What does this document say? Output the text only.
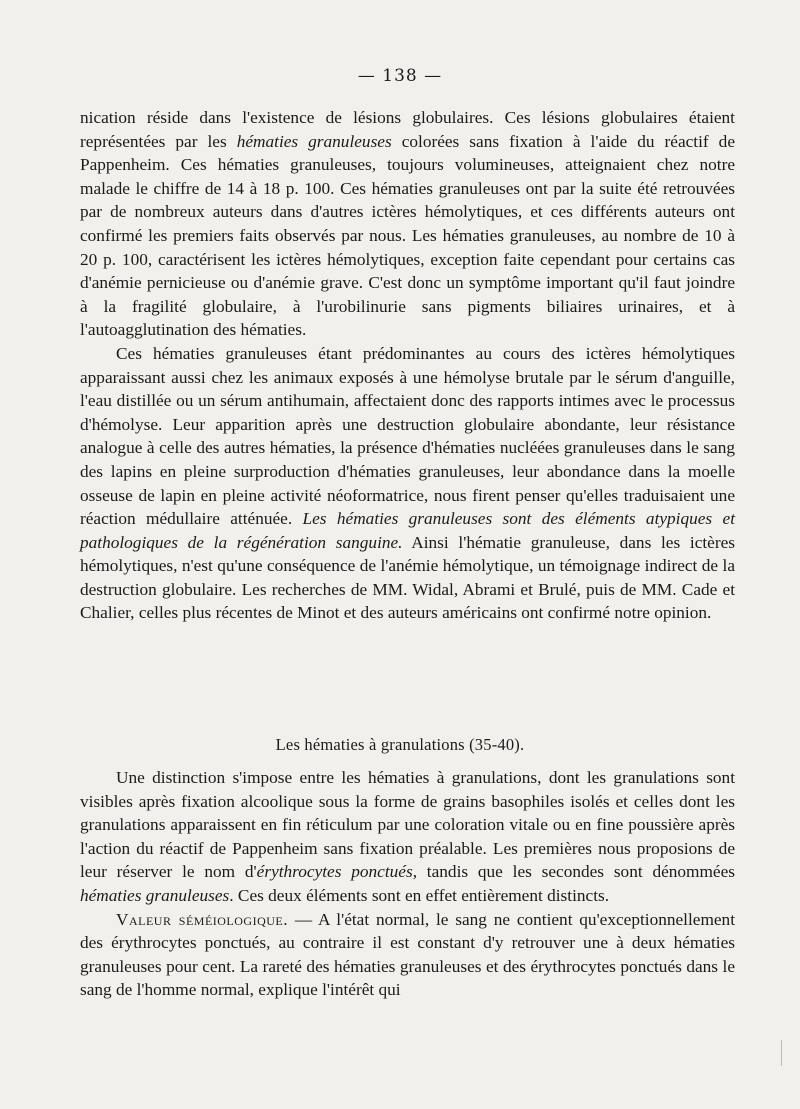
— 138 —

nication réside dans l'existence de lésions globulaires. Ces lésions globulaires étaient représentées par les hématies granuleuses colorées sans fixation à l'aide du réactif de Pappenheim. Ces hématies granuleuses, toujours volumineuses, atteignaient chez notre malade le chiffre de 14 à 18 p. 100. Ces hématies granuleuses ont par la suite été retrouvées par de nombreux auteurs dans d'autres ictères hémolytiques, et ces différents auteurs ont confirmé les premiers faits observés par nous. Les hématies granuleuses, au nombre de 10 à 20 p. 100, caractérisent les ictères hémolytiques, exception faite cependant pour certains cas d'anémie pernicieuse ou d'anémie grave. C'est donc un symptôme important qu'il faut joindre à la fragilité globulaire, à l'urobilinurie sans pigments biliaires urinaires, et à l'autoagglutination des hématies.

Ces hématies granuleuses étant prédominantes au cours des ictères hémolytiques apparaissant aussi chez les animaux exposés à une hémolyse brutale par le sérum d'anguille, l'eau distillée ou un sérum antihumain, affectaient donc des rapports intimes avec le processus d'hémolyse. Leur apparition après une destruction globulaire abondante, leur résistance analogue à celle des autres hématies, la présence d'hématies nucléées granuleuses dans le sang des lapins en pleine surproduction d'hématies granuleuses, leur abondance dans la moelle osseuse de lapin en pleine activité néoformatrice, nous firent penser qu'elles traduisaient une réaction médullaire atténuée. Les hématies granuleuses sont des éléments atypiques et pathologiques de la régénération sanguine. Ainsi l'hématie granuleuse, dans les ictères hémolytiques, n'est qu'une conséquence de l'anémie hémolytique, un témoignage indirect de la destruction globulaire. Les recherches de MM. Widal, Abrami et Brulé, puis de MM. Cade et Chalier, celles plus récentes de Minot et des auteurs américains ont confirmé notre opinion.

Les hématies à granulations (35-40).

Une distinction s'impose entre les hématies à granulations, dont les granulations sont visibles après fixation alcoolique sous la forme de grains basophiles isolés et celles dont les granulations apparaissent en fin réticulum par une coloration vitale ou en fine poussière après l'action du réactif de Pappenheim sans fixation préalable. Les premières nous proposions de leur réserver le nom d'érythrocytes ponctués, tandis que les secondes sont dénommées hématies granuleuses. Ces deux éléments sont en effet entièrement distincts.

Valeur séméiologique. — A l'état normal, le sang ne contient qu'exceptionnellement des érythrocytes ponctués, au contraire il est constant d'y retrouver une à deux hématies granuleuses pour cent. La rareté des hématies granuleuses et des érythrocytes ponctués dans le sang de l'homme normal, explique l'intérêt qui
